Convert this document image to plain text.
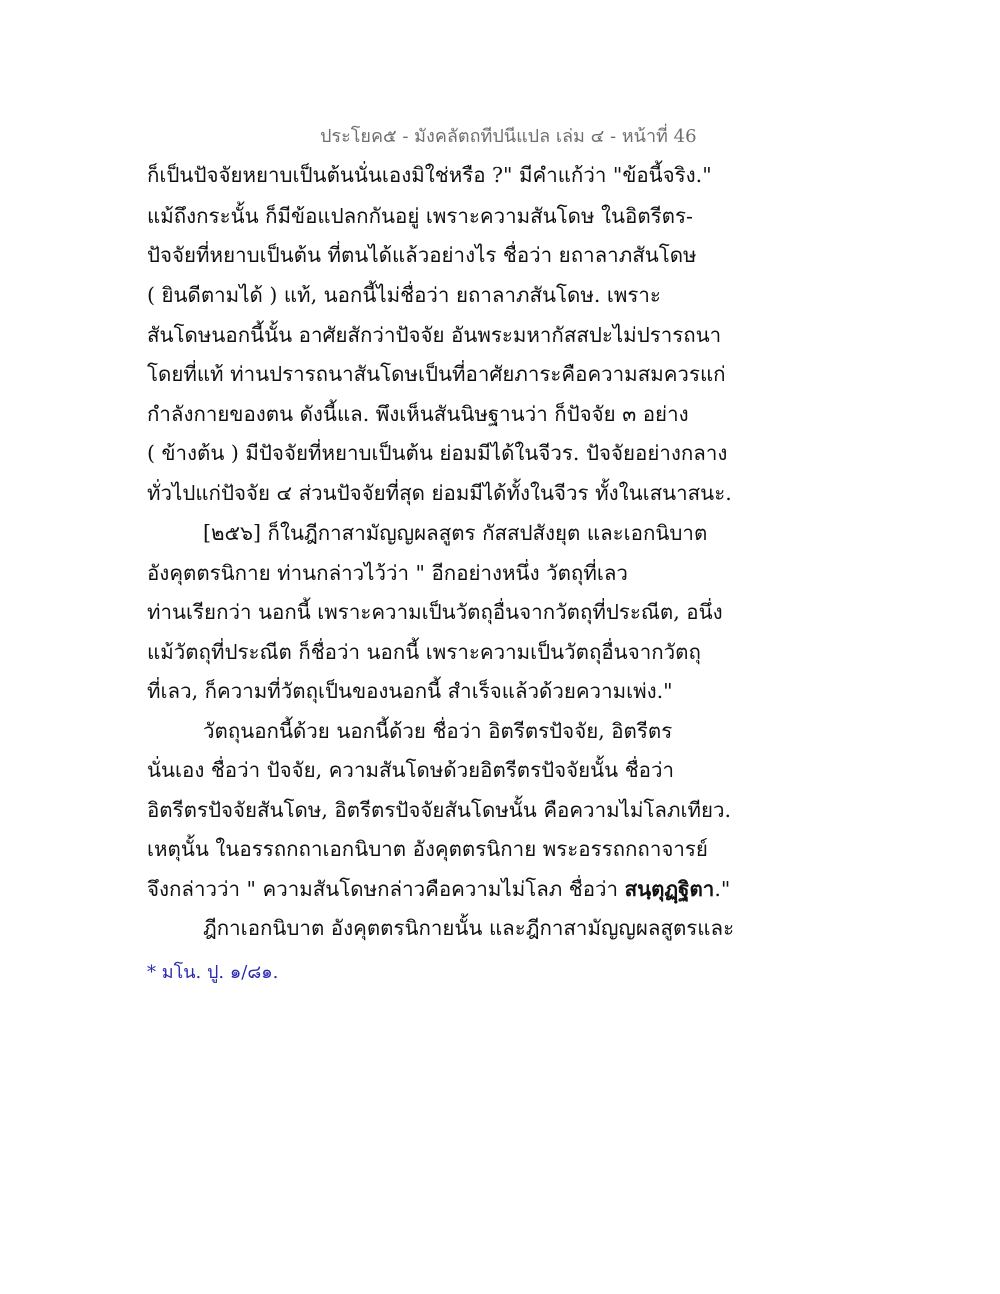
ประโยค๕ - มังคลัตถทีปนีแปล เล่ม ๔ - หน้าที่ 46
ก็เป็นปัจจัยหยาบเป็นต้นนั่นเองมิใช่หรือ ?" มีคำแก้ว่า "ข้อนี้จริง."
แม้ถึงกระนั้น ก็มีข้อแปลกกันอยู่ เพราะความสันโดษ ในอิตรีตร-
ปัจจัยที่หยาบเป็นต้น ที่ตนได้แล้วอย่างไร ชื่อว่า ยถาลาภสันโดษ
( ยินดีตามได้ ) แท้, นอกนี้ไม่ชื่อว่า ยถาลาภสันโดษ. เพราะ
สันโดษนอกนี้นั้น อาศัยสักว่าปัจจัย อันพระมหากัสสปะไม่ปรารถนา
โดยที่แท้ ท่านปรารถนาสันโดษเป็นที่อาศัยภาระคือความสมควรแก่
กำลังกายของตน ดังนี้แล. พึงเห็นสันนิษฐานว่า ก็ปัจจัย ๓ อย่าง
( ข้างต้น ) มีปัจจัยที่หยาบเป็นต้น ย่อมมีได้ในจีวร. ปัจจัยอย่างกลาง
ทั่วไปแก่ปัจจัย ๔ ส่วนปัจจัยที่สุด ย่อมมีได้ทั้งในจีวร ทั้งในเสนาสนะ.
[๒๕๖] ก็ในฎีกาสามัญญผลสูตร กัสสปสังยุต และเอกนิบาต
อังคุตตรนิกาย ท่านกล่าวไว้ว่า " อีกอย่างหนึ่ง วัตถุที่เลว
ท่านเรียกว่า นอกนี้ เพราะความเป็นวัตถุอื่นจากวัตถุที่ประณีต, อนึ่ง
แม้วัตถุที่ประณีต ก็ชื่อว่า นอกนี้ เพราะความเป็นวัตถุอื่นจากวัตถุ
ที่เลว, ก็ความที่วัตถุเป็นของนอกนี้ สำเร็จแล้วด้วยความเพ่ง."
วัตถุนอกนี้ด้วย นอกนี้ด้วย ชื่อว่า อิตรีตรปัจจัย, อิตรีตร
นั่นเอง ชื่อว่า ปัจจัย, ความสันโดษด้วยอิตรีตรปัจจัยนั้น ชื่อว่า
อิตรีตรปัจจัยสันโดษ, อิตรีตรปัจจัยสันโดษนั้น คือความไม่โลภเทียว.
เหตุนั้น ในอรรถกถาเอกนิบาต อังคุตตรนิกาย พระอรรถกถาจารย์
จึงกล่าวว่า " ความสันโดษกล่าวคือความไม่โลภ ชื่อว่า สนฺตุฏฺฐิตา."
ฎีกาเอกนิบาต อังคุตตรนิกายนั้น และฎีกาสามัญญผลสูตรและ
* มโน. ปู. ๑/๘๑.
